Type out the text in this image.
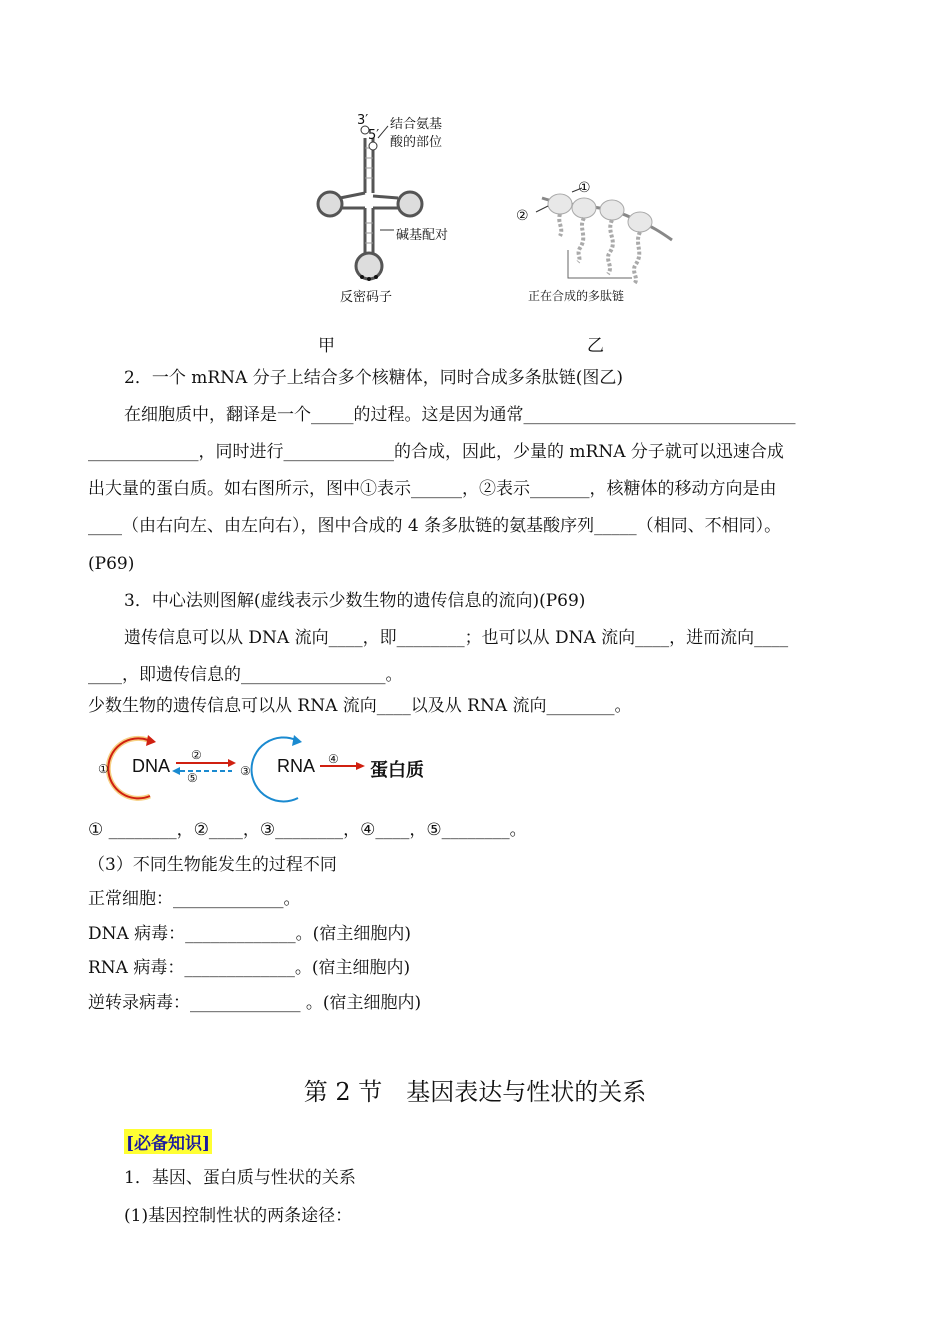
3′
5′
结合氨基
酸的部位
碱基配对
反密码子
甲
①
②
正在合成的多肽链
乙
2．一个 mRNA 分子上结合多个核糖体，同时合成多条肽链(图乙)
在细胞质中，翻译是一个_____的过程。这是因为通常________________________________
_____________，同时进行_____________的合成，因此，少量的 mRNA 分子就可以迅速合成
出大量的蛋白质。如右图所示，图中①表示______，②表示_______，核糖体的移动方向是由
____（由右向左、由左向右），图中合成的 4 条多肽链的氨基酸序列_____（相同、不相同）。
(P69)
3．中心法则图解(虚线表示少数生物的遗传信息的流向)(P69)
遗传信息可以从 DNA 流向____，即________；也可以从 DNA 流向____，进而流向____
____，即遗传信息的_________________。
少数生物的遗传信息可以从 RNA 流向____以及从 RNA 流向________。
DNA	RNA	蛋白质
①
②
③
④
⑤
① ________，②____，③________，④____，⑤________。
（3）不同生物能发生的过程不同
正常细胞：_____________。
DNA 病毒：_____________。(宿主细胞内)
RNA 病毒：_____________。(宿主细胞内)
逆转录病毒：_____________ 。(宿主细胞内)
第 2 节　基因表达与性状的关系
[必备知识]
1．基因、蛋白质与性状的关系
(1)基因控制性状的两条途径：
